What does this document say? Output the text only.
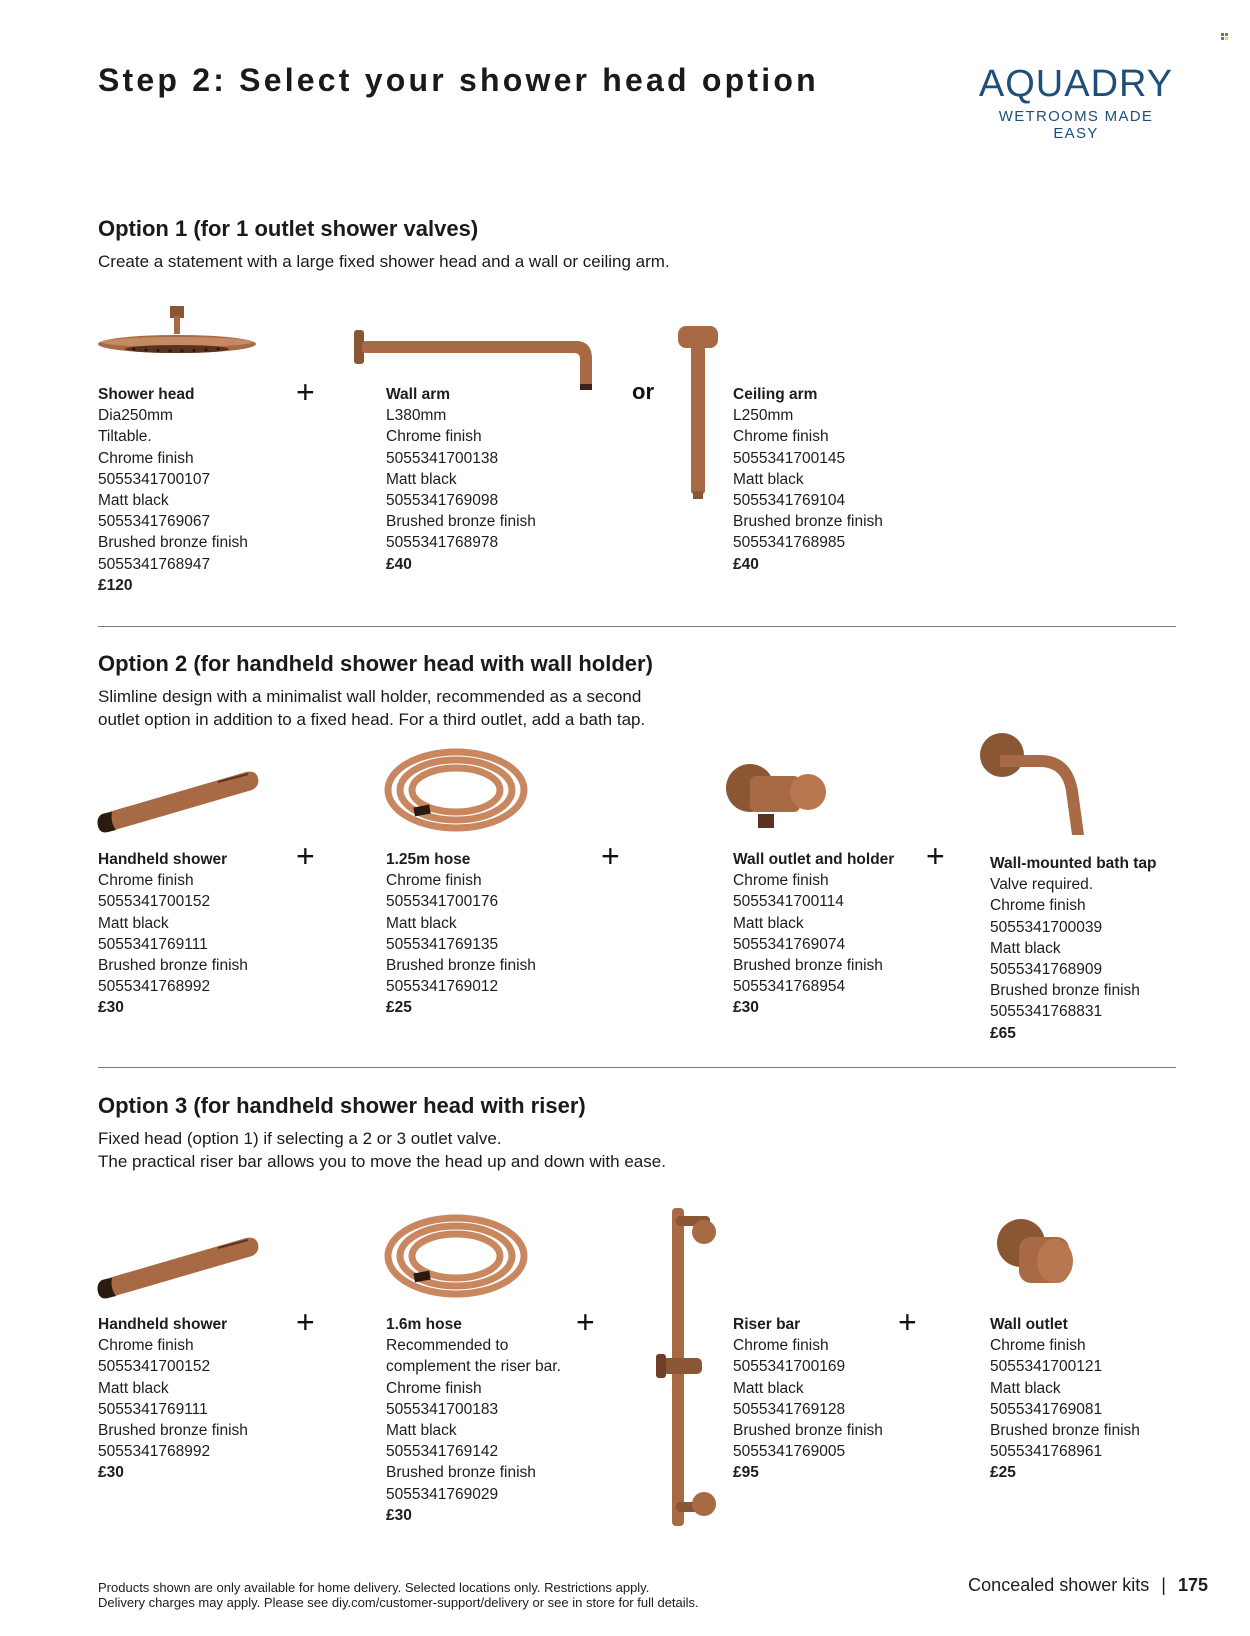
Step 2: Select your shower head option	AQUADRY
WETROOMS MADE EASY
Option 1 (for 1 outlet shower valves)
Create a statement with a large fixed shower head and a wall or ceiling arm.
+	or
Shower head
Dia250mm
Tiltable.
Chrome finish
5055341700107
Matt black
5055341769067
Brushed bronze finish
5055341768947
£120
Wall arm
L380mm
Chrome finish
5055341700138
Matt black
5055341769098
Brushed bronze finish
5055341768978
£40
Ceiling arm
L250mm
Chrome finish
5055341700145
Matt black
5055341769104
Brushed bronze finish
5055341768985
£40
Option 2 (for handheld shower head with wall holder)
Slimline design with a minimalist wall holder, recommended as a second
outlet option in addition to a fixed head. For a third outlet, add a bath tap.
+	+	+
Handheld shower
Chrome finish
5055341700152
Matt black
5055341769111
Brushed bronze finish
5055341768992
£30
1.25m hose
Chrome finish
5055341700176
Matt black
5055341769135
Brushed bronze finish
5055341769012
£25
Wall outlet and holder
Chrome finish
5055341700114
Matt black
5055341769074
Brushed bronze finish
5055341768954
£30
Wall-mounted bath tap
Valve required.
Chrome finish
5055341700039
Matt black
5055341768909
Brushed bronze finish
5055341768831
£65
Option 3 (for handheld shower head with riser)
Fixed head (option 1) if selecting a 2 or 3 outlet valve.
The practical riser bar allows you to move the head up and down with ease.
+	+	+
Handheld shower
Chrome finish
5055341700152
Matt black
5055341769111
Brushed bronze finish
5055341768992
£30
1.6m hose
Recommended to
complement the riser bar.
Chrome finish
5055341700183
Matt black
5055341769142
Brushed bronze finish
5055341769029
£30
Riser bar
Chrome finish
5055341700169
Matt black
5055341769128
Brushed bronze finish
5055341769005
£95
Wall outlet
Chrome finish
5055341700121
Matt black
5055341769081
Brushed bronze finish
5055341768961
£25
Products shown are only available for home delivery. Selected locations only. Restrictions apply.
Delivery charges may apply. Please see diy.com/customer-support/delivery or see in store for full details.
Concealed shower kits | 175
